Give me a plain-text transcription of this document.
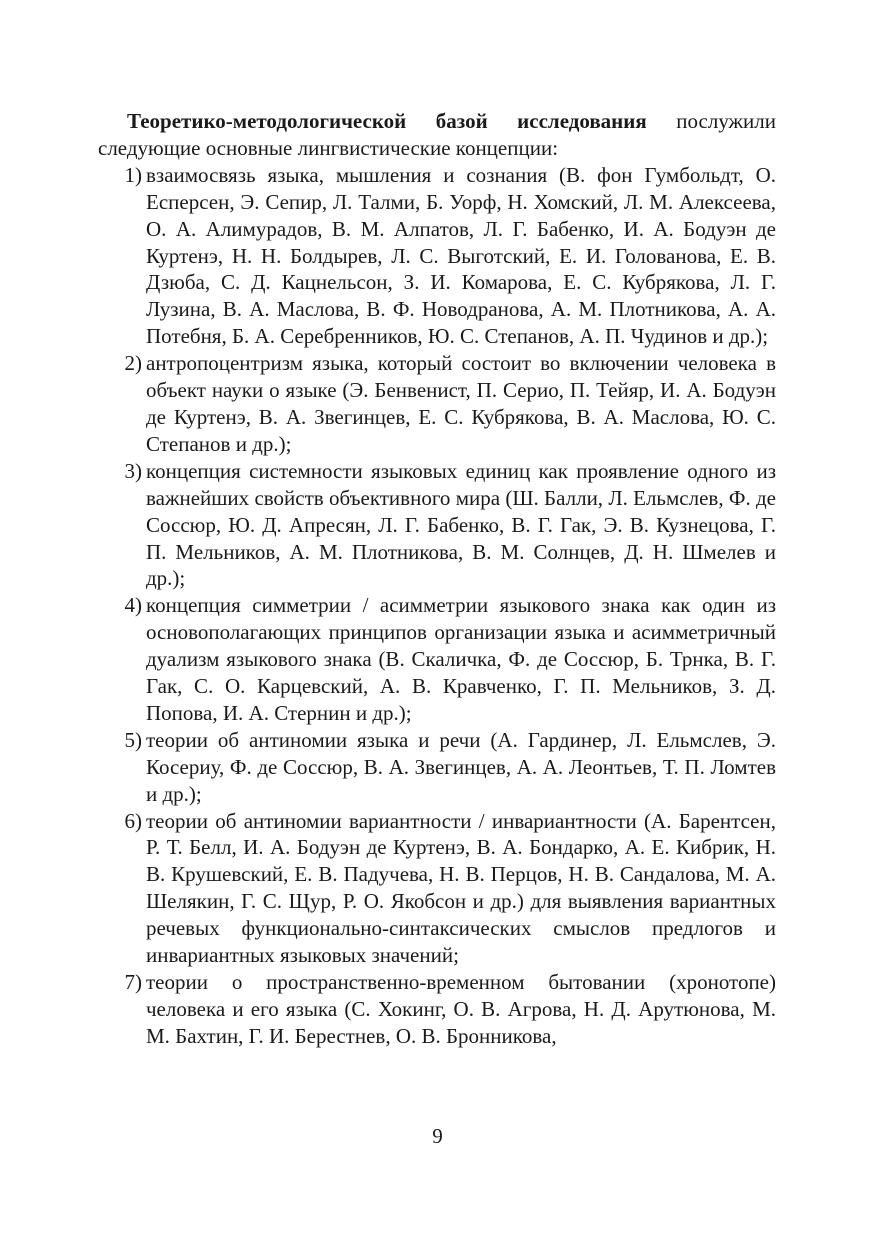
Теоретико-методологической базой исследования послужили следующие основные лингвистические концепции:

1) взаимосвязь языка, мышления и сознания (В. фон Гумбольдт, О. Есперсен, Э. Сепир, Л. Талми, Б. Уорф, Н. Хомский, Л. М. Алексеева, О. А. Алимурадов, В. М. Алпатов, Л. Г. Бабенко, И. А. Бодуэн де Куртенэ, Н. Н. Болдырев, Л. С. Выготский, Е. И. Голованова, Е. В. Дзюба, С. Д. Кацнельсон, З. И. Комарова, Е. С. Кубрякова, Л. Г. Лузина, В. А. Маслова, В. Ф. Новодранова, А. М. Плотникова, А. А. Потебня, Б. А. Серебренников, Ю. С. Степанов, А. П. Чудинов и др.);
2) антропоцентризм языка, который состоит во включении человека в объект науки о языке (Э. Бенвенист, П. Серио, П. Тейяр, И. А. Бодуэн де Куртенэ, В. А. Звегинцев, Е. С. Кубрякова, В. А. Маслова, Ю. С. Степанов и др.);
3) концепция системности языковых единиц как проявление одного из важнейших свойств объективного мира (Ш. Балли, Л. Ельмслев, Ф. де Соссюр, Ю. Д. Апресян, Л. Г. Бабенко, В. Г. Гак, Э. В. Кузнецова, Г. П. Мельников, А. М. Плотникова, В. М. Солнцев, Д. Н. Шмелев и др.);
4) концепция симметрии / асимметрии языкового знака как один из основополагающих принципов организации языка и асимметричный дуализм языкового знака (В. Скаличка, Ф. де Соссюр, Б. Трнка, В. Г. Гак, С. О. Карцевский, А. В. Кравченко, Г. П. Мельников, З. Д. Попова, И. А. Стернин и др.);
5) теории об антиномии языка и речи (А. Гардинер, Л. Ельмслев, Э. Косериу, Ф. де Соссюр, В. А. Звегинцев, А. А. Леонтьев, Т. П. Ломтев и др.);
6) теории об антиномии вариантности / инвариантности (А. Барентсен, Р. Т. Белл, И. А. Бодуэн де Куртенэ, В. А. Бондарко, А. Е. Кибрик, Н. В. Крушевский, Е. В. Падучева, Н. В. Перцов, Н. В. Сандалова, М. А. Шелякин, Г. С. Щур, Р. О. Якобсон и др.) для выявления вариантных речевых функционально-синтаксических смыслов предлогов и инвариантных языковых значений;
7) теории о пространственно-временном бытовании (хронотопе) человека и его языка (С. Хокинг, О. В. Агрова, Н. Д. Арутюнова, М. М. Бахтин, Г. И. Берестнев, О. В. Бронникова,
9
